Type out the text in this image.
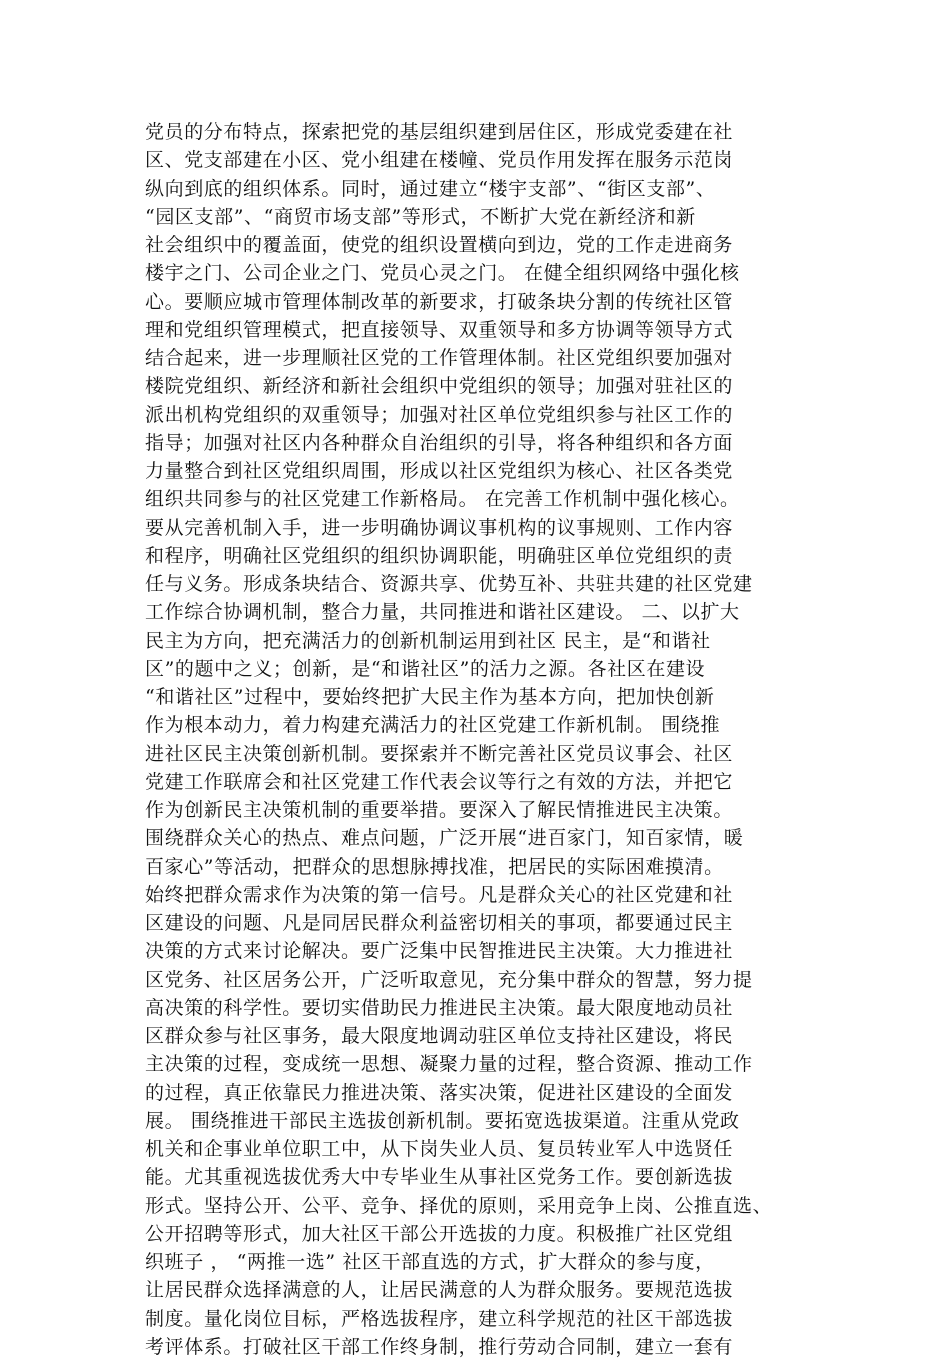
党员的分布特点，探索把党的基层组织建到居住区，形成党委建在社
区、党支部建在小区、党小组建在楼幢、党员作用发挥在服务示范岗
纵向到底的组织体系。同时，通过建立“楼宇支部”、“街区支部”、
“园区支部”、“商贸市场支部”等形式，不断扩大党在新经济和新
社会组织中的覆盖面，使党的组织设置横向到边，党的工作走进商务
楼宇之门、公司企业之门、党员心灵之门。 在健全组织网络中强化核
心。要顺应城市管理体制改革的新要求，打破条块分割的传统社区管
理和党组织管理模式，把直接领导、双重领导和多方协调等领导方式
结合起来，进一步理顺社区党的工作管理体制。社区党组织要加强对
楼院党组织、新经济和新社会组织中党组织的领导；加强对驻社区的
派出机构党组织的双重领导；加强对社区单位党组织参与社区工作的
指导；加强对社区内各种群众自治组织的引导，将各种组织和各方面
力量整合到社区党组织周围，形成以社区党组织为核心、社区各类党
组织共同参与的社区党建工作新格局。 在完善工作机制中强化核心。
要从完善机制入手，进一步明确协调议事机构的议事规则、工作内容
和程序，明确社区党组织的组织协调职能，明确驻区单位党组织的责
任与义务。形成条块结合、资源共享、优势互补、共驻共建的社区党建
工作综合协调机制，整合力量，共同推进和谐社区建设。 二、以扩大
民主为方向，把充满活力的创新机制运用到社区 民主，是“和谐社
区”的题中之义；创新，是“和谐社区”的活力之源。各社区在建设
“和谐社区”过程中，要始终把扩大民主作为基本方向，把加快创新
作为根本动力，着力构建充满活力的社区党建工作新机制。 围绕推
进社区民主决策创新机制。要探索并不断完善社区党员议事会、社区
党建工作联席会和社区党建工作代表会议等行之有效的方法，并把它
作为创新民主决策机制的重要举措。要深入了解民情推进民主决策。
围绕群众关心的热点、难点问题，广泛开展“进百家门，知百家情，暖
百家心”等活动，把群众的思想脉搏找准，把居民的实际困难摸清。
始终把群众需求作为决策的第一信号。凡是群众关心的社区党建和社
区建设的问题、凡是同居民群众利益密切相关的事项，都要通过民主
决策的方式来讨论解决。要广泛集中民智推进民主决策。大力推进社
区党务、社区居务公开，广泛听取意见，充分集中群众的智慧，努力提
高决策的科学性。要切实借助民力推进民主决策。最大限度地动员社
区群众参与社区事务，最大限度地调动驻区单位支持社区建设，将民
主决策的过程，变成统一思想、凝聚力量的过程，整合资源、推动工作
的过程，真正依靠民力推进决策、落实决策，促进社区建设的全面发
展。 围绕推进干部民主选拔创新机制。要拓宽选拔渠道。注重从党政
机关和企事业单位职工中，从下岗失业人员、复员转业军人中选贤任
能。尤其重视选拔优秀大中专毕业生从事社区党务工作。要创新选拔
形式。坚持公开、公平、竞争、择优的原则，采用竞争上岗、公推直选、
公开招聘等形式，加大社区干部公开选拔的力度。积极推广社区党组
织班子 ， “两推一选” 社区干部直选的方式，扩大群众的参与度，
让居民群众选择满意的人，让居民满意的人为群众服务。要规范选拔
制度。量化岗位目标，严格选拔程序，建立科学规范的社区干部选拔
考评体系。打破社区干部工作终身制，推行劳动合同制，建立一套有
